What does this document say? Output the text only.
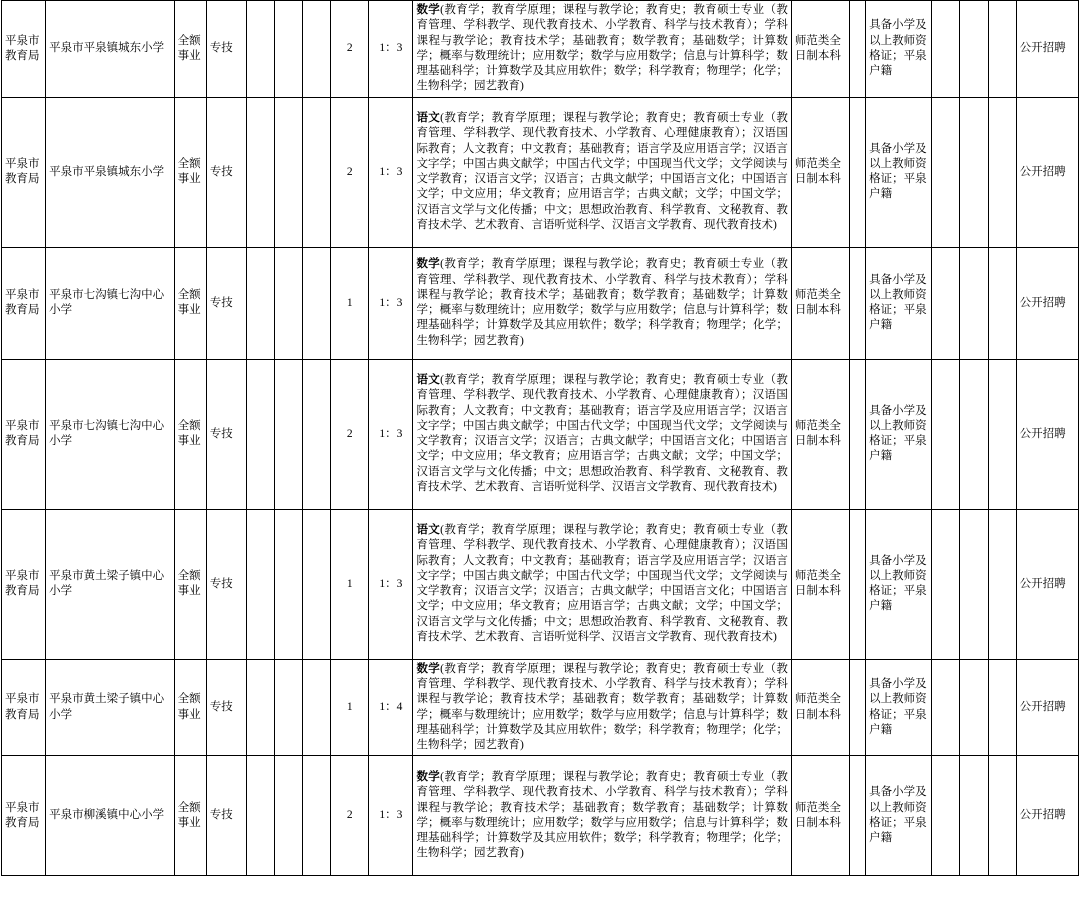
平泉市教育局	平泉市平泉镇城东小学	全额事业	专技				2	1：3	数学(教育学；教育学原理；课程与教学论；教育史；教育硕士专业（教育管理、学科教学、现代教育技术、小学教育、科学与技术教育）；学科课程与教学论；教育技术学；基础教育；数学教育；基础数学；计算数学；概率与数理统计；应用数学；数学与应用数学；信息与计算科学；数理基础科学；计算数学及其应用软件；数学；科学教育；物理学；化学；生物科学；园艺教育)	师范类全日制本科		具备小学及以上教师资格证；平泉户籍				公开招聘
平泉市教育局	平泉市平泉镇城东小学	全额事业	专技				2	1：3	语文(教育学；教育学原理；课程与教学论；教育史；教育硕士专业（教育管理、学科教学、现代教育技术、小学教育、心理健康教育）；汉语国际教育；人文教育；中文教育；基础教育；语言学及应用语言学；汉语言文字学；中国古典文献学；中国古代文学；中国现当代文学；文学阅读与文学教育；汉语言文学；汉语言；古典文献学；中国语言文化；中国语言文学；中文应用；华文教育；应用语言学；古典文献；文学；中国文学；汉语言文学与文化传播；中文；思想政治教育、科学教育、文秘教育、教育技术学、艺术教育、言语听觉科学、汉语言文学教育、现代教育技术)	师范类全日制本科		具备小学及以上教师资格证；平泉户籍				公开招聘
平泉市教育局	平泉市七沟镇七沟中心小学	全额事业	专技				1	1：3	数学(教育学；教育学原理；课程与教学论；教育史；教育硕士专业（教育管理、学科教学、现代教育技术、小学教育、科学与技术教育）；学科课程与教学论；教育技术学；基础教育；数学教育；基础数学；计算数学；概率与数理统计；应用数学；数学与应用数学；信息与计算科学；数理基础科学；计算数学及其应用软件；数学；科学教育；物理学；化学；生物科学；园艺教育)	师范类全日制本科		具备小学及以上教师资格证；平泉户籍				公开招聘
平泉市教育局	平泉市七沟镇七沟中心小学	全额事业	专技				2	1：3	语文(教育学；教育学原理；课程与教学论；教育史；教育硕士专业（教育管理、学科教学、现代教育技术、小学教育、心理健康教育）；汉语国际教育；人文教育；中文教育；基础教育；语言学及应用语言学；汉语言文字学；中国古典文献学；中国古代文学；中国现当代文学；文学阅读与文学教育；汉语言文学；汉语言；古典文献学；中国语言文化；中国语言文学；中文应用；华文教育；应用语言学；古典文献；文学；中国文学；汉语言文学与文化传播；中文；思想政治教育、科学教育、文秘教育、教育技术学、艺术教育、言语听觉科学、汉语言文学教育、现代教育技术)	师范类全日制本科		具备小学及以上教师资格证；平泉户籍				公开招聘
平泉市教育局	平泉市黄土梁子镇中心小学	全额事业	专技				1	1：3	语文(教育学；教育学原理；课程与教学论；教育史；教育硕士专业（教育管理、学科教学、现代教育技术、小学教育、心理健康教育）；汉语国际教育；人文教育；中文教育；基础教育；语言学及应用语言学；汉语言文字学；中国古典文献学；中国古代文学；中国现当代文学；文学阅读与文学教育；汉语言文学；汉语言；古典文献学；中国语言文化；中国语言文学；中文应用；华文教育；应用语言学；古典文献；文学；中国文学；汉语言文学与文化传播；中文；思想政治教育、科学教育、文秘教育、教育技术学、艺术教育、言语听觉科学、汉语言文学教育、现代教育技术)	师范类全日制本科		具备小学及以上教师资格证；平泉户籍				公开招聘
平泉市教育局	平泉市黄土梁子镇中心小学	全额事业	专技				1	1：4	数学(教育学；教育学原理；课程与教学论；教育史；教育硕士专业（教育管理、学科教学、现代教育技术、小学教育、科学与技术教育）；学科课程与教学论；教育技术学；基础教育；数学教育；基础数学；计算数学；概率与数理统计；应用数学；数学与应用数学；信息与计算科学；数理基础科学；计算数学及其应用软件；数学；科学教育；物理学；化学；生物科学；园艺教育)	师范类全日制本科		具备小学及以上教师资格证；平泉户籍				公开招聘
平泉市教育局	平泉市柳溪镇中心小学	全额事业	专技				2	1：3	数学(教育学；教育学原理；课程与教学论；教育史；教育硕士专业（教育管理、学科教学、现代教育技术、小学教育、科学与技术教育）；学科课程与教学论；教育技术学；基础教育；数学教育；基础数学；计算数学；概率与数理统计；应用数学；数学与应用数学；信息与计算科学；数理基础科学；计算数学及其应用软件；数学；科学教育；物理学；化学；生物科学；园艺教育)	师范类全日制本科		具备小学及以上教师资格证；平泉户籍				公开招聘
